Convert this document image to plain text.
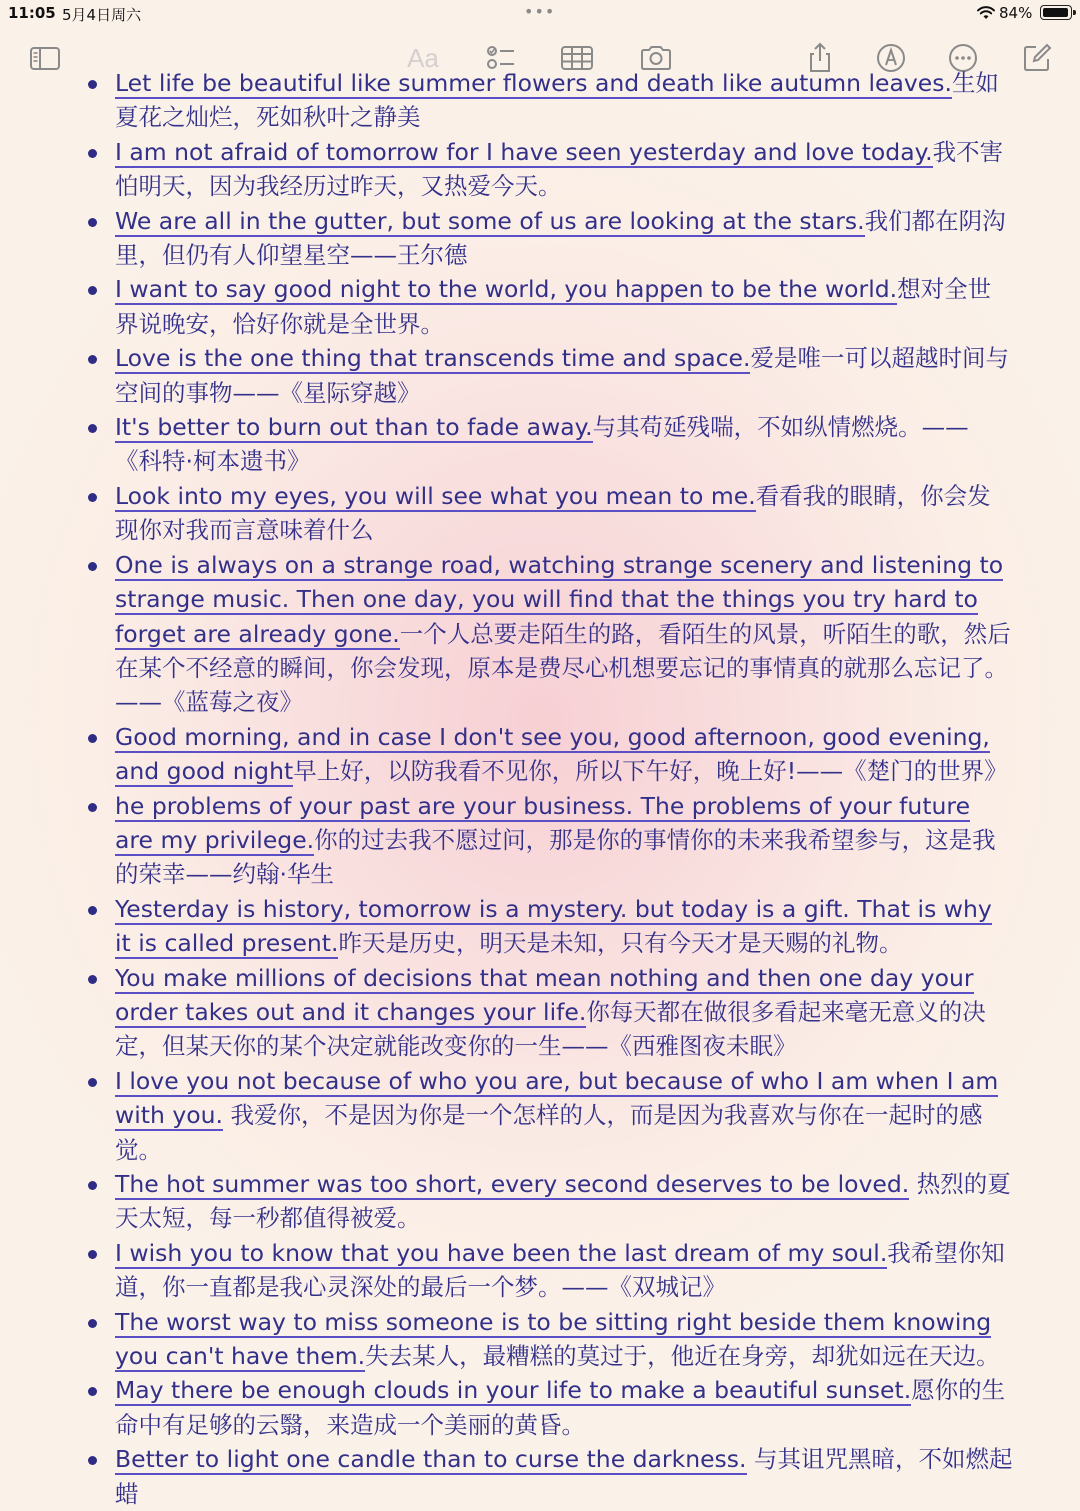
11:05 5月4日周六	•••	84%
Aa
Let life be beautiful like summer flowers and death like autumn leaves.生如夏花之灿烂，死如秋叶之静美
I am not afraid of tomorrow for I have seen yesterday and love today.我不害怕明天，因为我经历过昨天，又热爱今天。
We are all in the gutter, but some of us are looking at the stars.我们都在阴沟里，但仍有人仰望星空——王尔德
I want to say good night to the world, you happen to be the world.想对全世界说晚安，恰好你就是全世界。
Love is the one thing that transcends time and space.爱是唯一可以超越时间与空间的事物——《星际穿越》
It's better to burn out than to fade away.与其苟延残喘，不如纵情燃烧。——《科特·柯本遗书》
Look into my eyes, you will see what you mean to me.看看我的眼睛，你会发现你对我而言意味着什么
One is always on a strange road, watching strange scenery and listening to strange music. Then one day, you will find that the things you try hard to forget are already gone.一个人总要走陌生的路，看陌生的风景，听陌生的歌，然后在某个不经意的瞬间，你会发现，原本是费尽心机想要忘记的事情真的就那么忘记了。——《蓝莓之夜》
Good morning, and in case I don't see you, good afternoon, good evening, and good night早上好，以防我看不见你，所以下午好，晚上好!——《楚门的世界》
he problems of your past are your business. The problems of your future are my privilege.你的过去我不愿过问，那是你的事情你的未来我希望参与，这是我的荣幸——约翰·华生
Yesterday is history, tomorrow is a mystery. but today is a gift. That is why it is called present.昨天是历史，明天是未知，只有今天才是天赐的礼物。
You make millions of decisions that mean nothing and then one day your order takes out and it changes your life.你每天都在做很多看起来毫无意义的决定，但某天你的某个决定就能改变你的一生——《西雅图夜未眠》
I love you not because of who you are, but because of who I am when I am with you. 我爱你，不是因为你是一个怎样的人，而是因为我喜欢与你在一起时的感觉。
The hot summer was too short, every second deserves to be loved. 热烈的夏天太短，每一秒都值得被爱。
I wish you to know that you have been the last dream of my soul.我希望你知道，你一直都是我心灵深处的最后一个梦。——《双城记》
The worst way to miss someone is to be sitting right beside them knowing you can't have them.失去某人，最糟糕的莫过于，他近在身旁，却犹如远在天边。
May there be enough clouds in your life to make a beautiful sunset.愿你的生命中有足够的云翳，来造成一个美丽的黄昏。
Better to light one candle than to curse the darkness. 与其诅咒黑暗，不如燃起蜡
